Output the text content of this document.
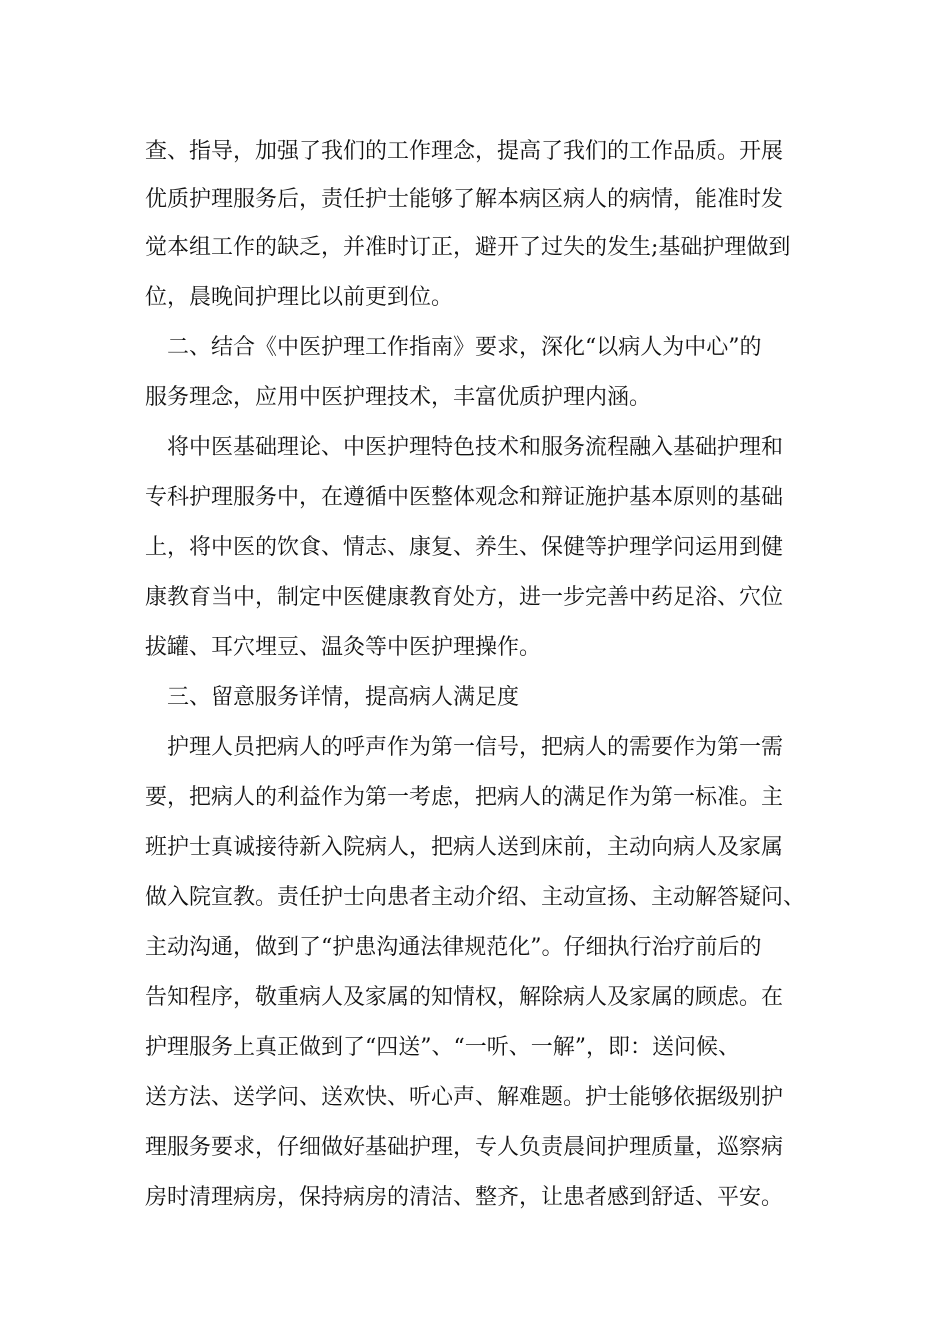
查、指导，加强了我们的工作理念，提高了我们的工作品质。开展
优质护理服务后，责任护士能够了解本病区病人的病情，能准时发
觉本组工作的缺乏，并准时订正，避开了过失的发生;基础护理做到
位，晨晚间护理比以前更到位。
二、结合《中医护理工作指南》要求，深化“以病人为中心”的
服务理念，应用中医护理技术，丰富优质护理内涵。
将中医基础理论、中医护理特色技术和服务流程融入基础护理和
专科护理服务中，在遵循中医整体观念和辩证施护基本原则的基础
上，将中医的饮食、情志、康复、养生、保健等护理学问运用到健
康教育当中，制定中医健康教育处方，进一步完善中药足浴、穴位
拔罐、耳穴埋豆、温灸等中医护理操作。
三、留意服务详情，提高病人满足度
护理人员把病人的呼声作为第一信号，把病人的需要作为第一需
要，把病人的利益作为第一考虑，把病人的满足作为第一标准。主
班护士真诚接待新入院病人，把病人送到床前，主动向病人及家属
做入院宣教。责任护士向患者主动介绍、主动宣扬、主动解答疑问、
主动沟通，做到了“护患沟通法律规范化”。仔细执行治疗前后的
告知程序，敬重病人及家属的知情权，解除病人及家属的顾虑。在
护理服务上真正做到了“四送”、“一听、一解”，即：送问候、
送方法、送学问、送欢快、听心声、解难题。护士能够依据级别护
理服务要求，仔细做好基础护理，专人负责晨间护理质量，巡察病
房时清理病房，保持病房的清洁、整齐，让患者感到舒适、平安。
